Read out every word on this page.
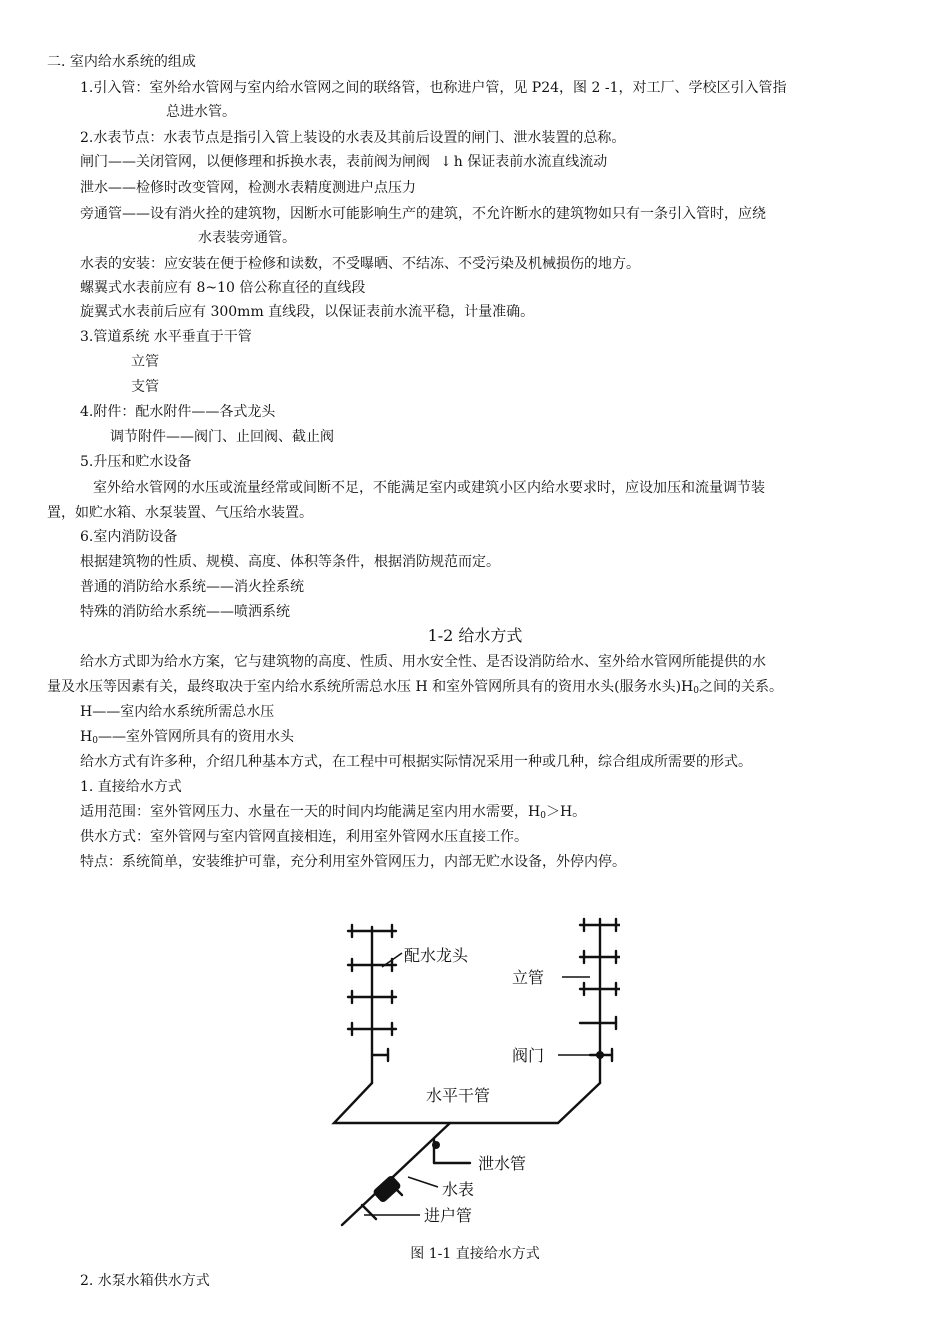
二. 室内给水系统的组成
1.引入管：室外给水管网与室内给水管网之间的联络管，也称进户管，见 P24，图 2 -1，对工厂、学校区引入管指
总进水管。
2.水表节点：水表节点是指引入管上装设的水表及其前后设置的闸门、泄水装置的总称。
闸门——关闭管网，以便修理和拆换水表，表前阀为闸阀 ↓ h 保证表前水流直线流动
泄水——检修时改变管网，检测水表精度测进户点压力
旁通管——设有消火拴的建筑物，因断水可能影响生产的建筑，不允许断水的建筑物如只有一条引入管时，应绕
水表装旁通管。
水表的安装：应安装在便于检修和读数，不受曝晒、不结冻、不受污染及机械损伤的地方。
螺翼式水表前应有 8~10 倍公称直径的直线段
旋翼式水表前后应有 300mm 直线段，以保证表前水流平稳，计量准确。
3.管道系统 水平垂直于干管
立管
支管
4.附件：配水附件——各式龙头
调节附件——阀门、止回阀、截止阀
5.升压和贮水设备
室外给水管网的水压或流量经常或间断不足，不能满足室内或建筑小区内给水要求时，应设加压和流量调节装
置，如贮水箱、水泵装置、气压给水装置。
6.室内消防设备
根据建筑物的性质、规模、高度、体积等条件，根据消防规范而定。
普通的消防给水系统——消火拴系统
特殊的消防给水系统——喷洒系统
1-2 给水方式
给水方式即为给水方案，它与建筑物的高度、性质、用水安全性、是否设消防给水、室外给水管网所能提供的水
量及水压等因素有关，最终取决于室内给水系统所需总水压 H 和室外管网所具有的资用水头(服务水头)$H_0$之间的关系。
H——室内给水系统所需总水压
$H_0——$室外管网所具有的资用水头
给水方式有许多种，介绍几种基本方式，在工程中可根据实际情况采用一种或几种，综合组成所需要的形式。
1. 直接给水方式
适用范围：室外管网压力、水量在一天的时间内均能满足室内用水需要，$H_0>H$。
供水方式：室外管网与室内管网直接相连，利用室外管网水压直接工作。
特点：系统简单，安装维护可靠，充分利用室外管网压力，内部无贮水设备，外停内停。
配水龙头
立管
阀门
水平干管
泄水管
水表
进户管
图 1-1 直接给水方式
2. 水泵水箱供水方式
